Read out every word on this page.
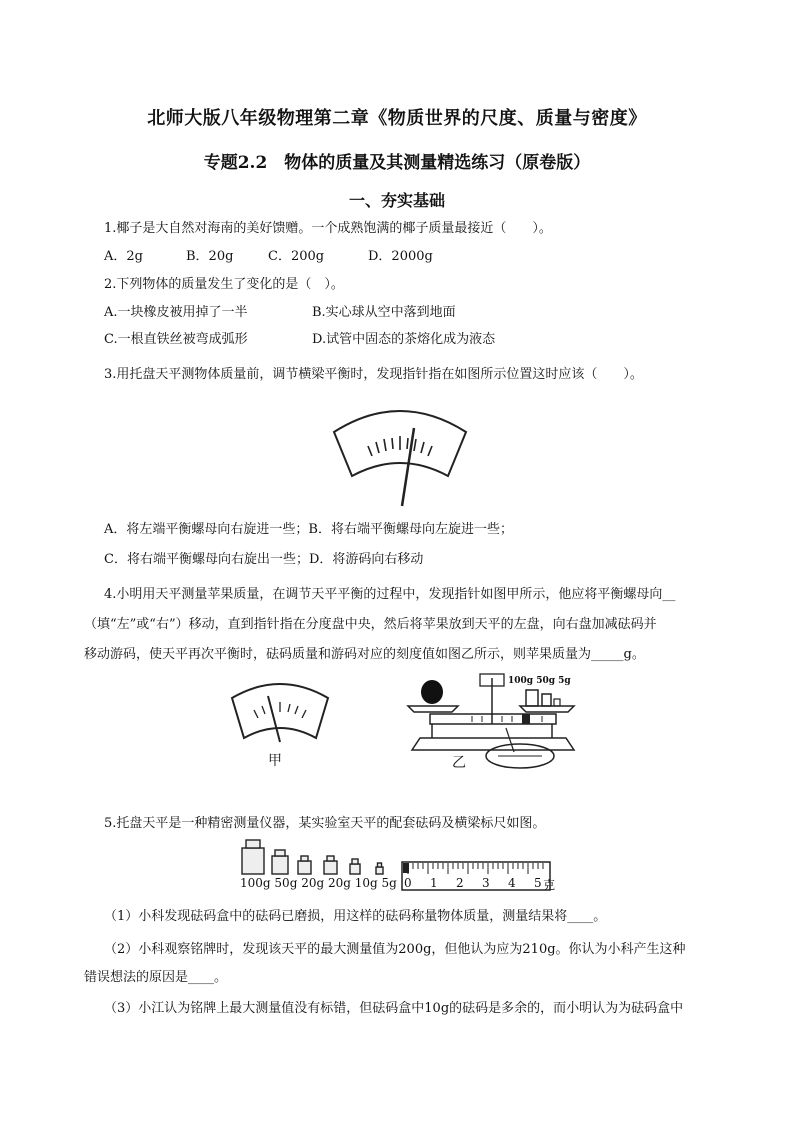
北师大版八年级物理第二章《物质世界的尺度、质量与密度》
专题2.2　物体的质量及其测量精选练习（原卷版）
一、夯实基础
1.椰子是大自然对海南的美好馈赠。一个成熟饱满的椰子质量最接近（　　）。
A．2g	B．20g	C．200g	D．2000g
2.下列物体的质量发生了变化的是（　）。
A.一块橡皮被用掉了一半	B.实心球从空中落到地面
C.一根直铁丝被弯成弧形	D.试管中固态的茶熔化成为液态
3.用托盘天平测物体质量前，调节横梁平衡时，发现指针指在如图所示位置这时应该（　　）。
A．将左端平衡螺母向右旋进一些；B．将右端平衡螺母向左旋进一些；
C．将右端平衡螺母向右旋出一些；D．将游码向右移动
4.小明用天平测量苹果质量，在调节天平平衡的过程中，发现指针如图甲所示，他应将平衡螺母向__
（填“左”或“右”）移动，直到指针指在分度盘中央，然后将苹果放到天平的左盘，向右盘加减砝码并
移动游码，使天平再次平衡时，砝码质量和游码对应的刻度值如图乙所示，则苹果质量为_____g。
甲
100g 50g 5g
乙
5.托盘天平是一种精密测量仪器，某实验室天平的配套砝码及横梁标尺如图。
100g 50g 20g 20g 10g 5g 0 1 2 3 4 5 克
（1）小科发现砝码盒中的砝码已磨损，用这样的砝码称量物体质量，测量结果将____。
（2）小科观察铭牌时，发现该天平的最大测量值为200g，但他认为应为210g。你认为小科产生这种
错误想法的原因是____。
（3）小江认为铭牌上最大测量值没有标错，但砝码盒中10g的砝码是多余的，而小明认为为砝码盒中
